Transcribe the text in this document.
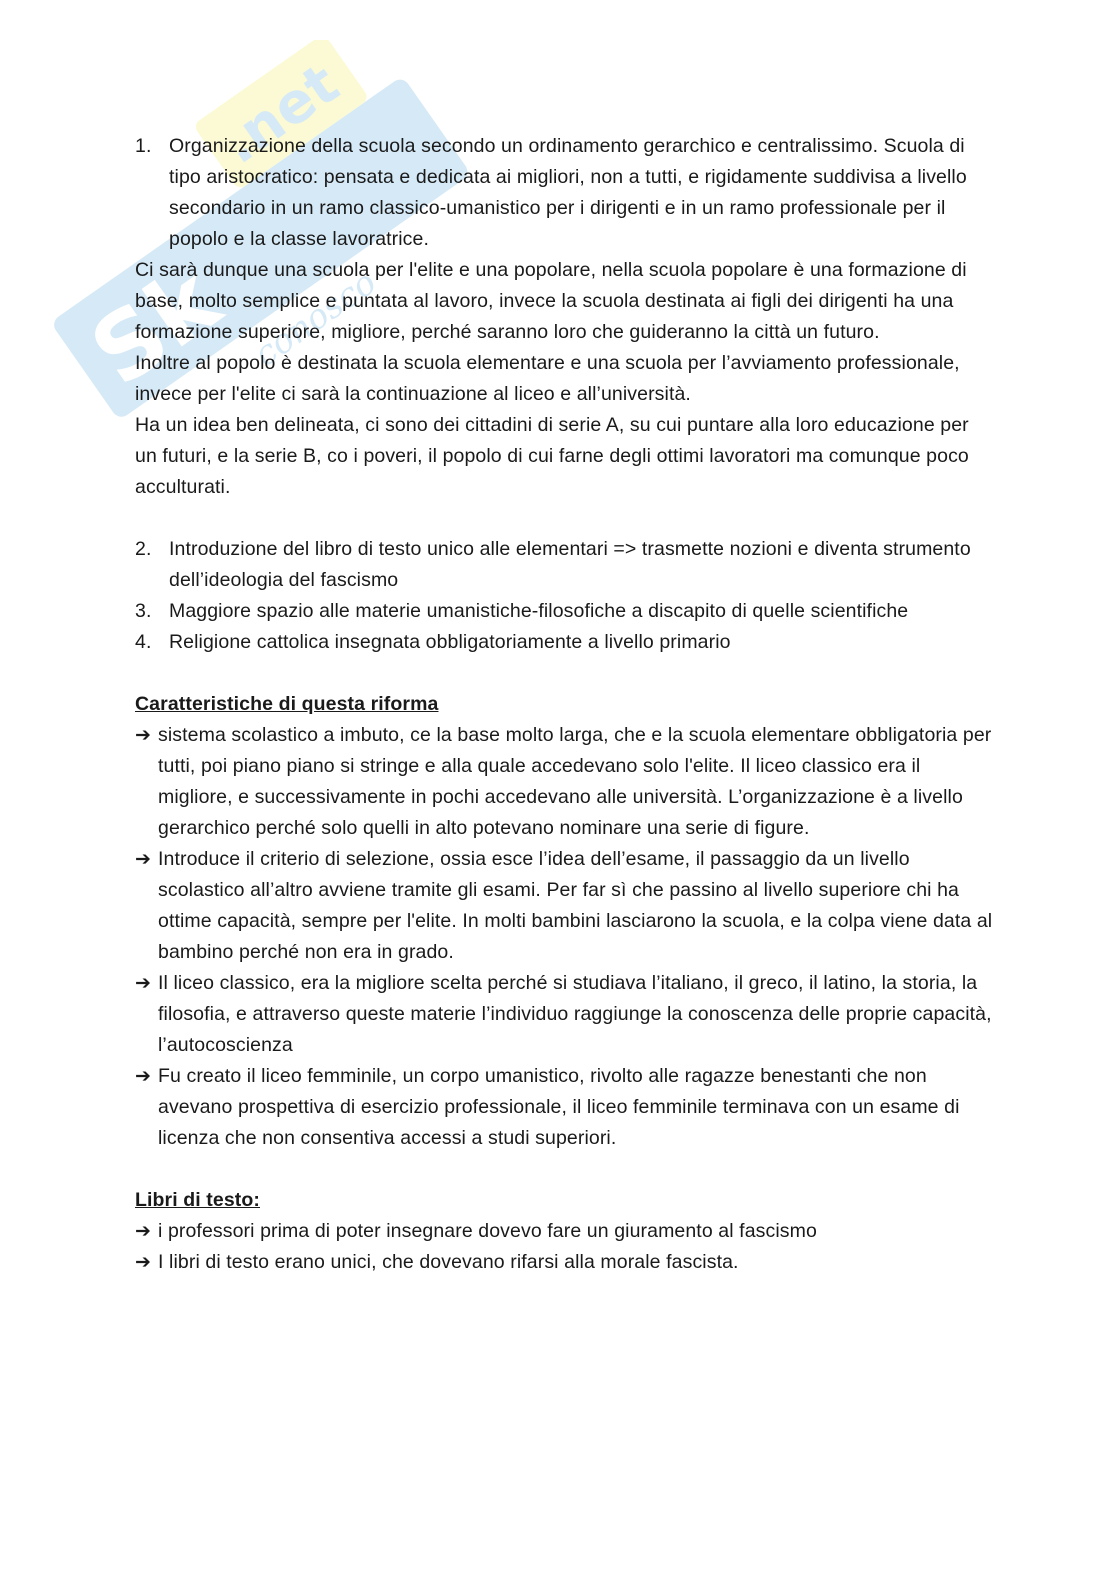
Sk
.net
conosco
1. Organizzazione della scuola secondo un ordinamento gerarchico e centralissimo. Scuola di tipo aristocratico: pensata e dedicata ai migliori, non a tutti, e rigidamente suddivisa a livello secondario in un ramo classico-umanistico per i dirigenti e in un ramo professionale per il popolo e la classe lavoratrice.

Ci sarà dunque una scuola per l'elite e una popolare, nella scuola popolare è una formazione di base, molto semplice e puntata al lavoro, invece la scuola destinata ai figli dei dirigenti ha una formazione superiore, migliore, perché saranno loro che guideranno la città un futuro.

Inoltre al popolo è destinata la scuola elementare e una scuola per l’avviamento professionale, invece per l'elite ci sarà la continuazione al liceo e all’università.

Ha un idea ben delineata, ci sono dei cittadini di serie A, su cui puntare alla loro educazione per un futuri, e la serie B, co i poveri, il popolo di cui farne degli ottimi lavoratori ma comunque poco acculturati.

2. Introduzione del libro di testo unico alle elementari => trasmette nozioni e diventa strumento dell’ideologia del fascismo
3. Maggiore spazio alle materie umanistiche-filosofiche a discapito di quelle scientifiche
4. Religione cattolica insegnata obbligatoriamente a livello primario

Caratteristiche di questa riforma

➔ sistema scolastico a imbuto, ce la base molto larga, che e la scuola elementare obbligatoria per tutti, poi piano piano si stringe e alla quale accedevano solo l'elite. Il liceo classico era il migliore, e successivamente in pochi accedevano alle università. L’organizzazione è a livello gerarchico perché solo quelli in alto potevano nominare una serie di figure.
➔ Introduce il criterio di selezione, ossia esce l’idea dell’esame, il passaggio da un livello scolastico all’altro avviene tramite gli esami. Per far sì che passino al livello superiore chi ha ottime capacità, sempre per l'elite. In molti bambini lasciarono la scuola, e la colpa viene data al bambino perché non era in grado.
➔ Il liceo classico, era la migliore scelta perché si studiava l’italiano, il greco, il latino, la storia, la filosofia, e attraverso queste materie l’individuo raggiunge la conoscenza delle proprie capacità, l’autocoscienza
➔ Fu creato il liceo femminile, un corpo umanistico, rivolto alle ragazze benestanti che non avevano prospettiva di esercizio professionale, il liceo femminile terminava con un esame di licenza che non consentiva accessi a studi superiori.

Libri di testo:

➔ i professori prima di poter insegnare dovevo fare un giuramento al fascismo
➔ I libri di testo erano unici, che dovevano rifarsi alla morale fascista.
